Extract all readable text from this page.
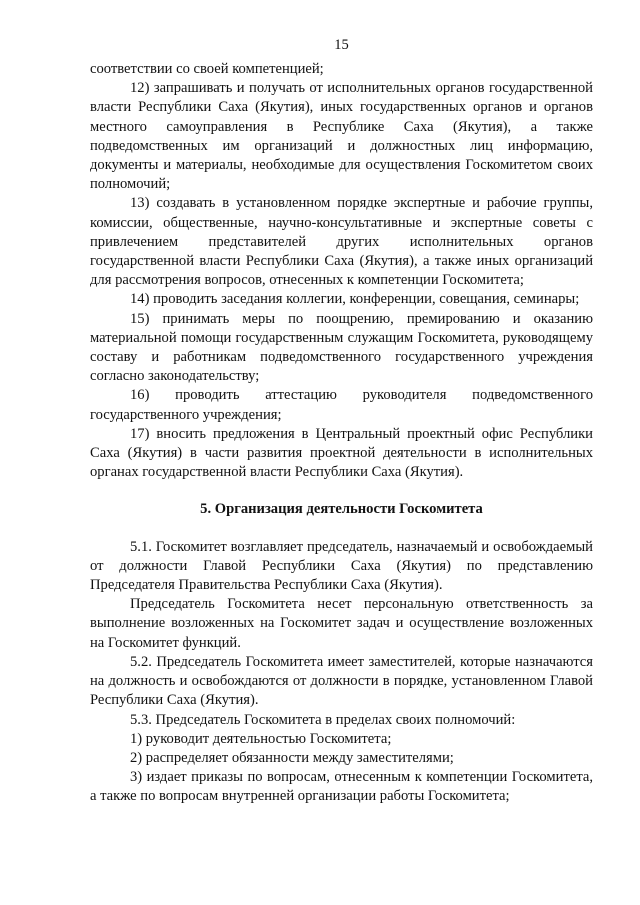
15

соответствии со своей компетенцией;

12) запрашивать и получать от исполнительных органов государственной власти Республики Саха (Якутия), иных государственных органов и органов местного самоуправления в Республике Саха (Якутия), а также подведомственных им организаций и должностных лиц информацию, документы и материалы, необходимые для осуществления Госкомитетом своих полномочий;

13) создавать в установленном порядке экспертные и рабочие группы, комиссии, общественные, научно-консультативные и экспертные советы с привлечением представителей других исполнительных органов государственной власти Республики Саха (Якутия), а также иных организаций для рассмотрения вопросов, отнесенных к компетенции Госкомитета;

14) проводить заседания коллегии, конференции, совещания, семинары;

15) принимать меры по поощрению, премированию и оказанию материальной помощи государственным служащим Госкомитета, руководящему составу и работникам подведомственного государственного учреждения согласно законодательству;

16) проводить аттестацию руководителя подведомственного государственного учреждения;

17) вносить предложения в Центральный проектный офис Республики Саха (Якутия) в части развития проектной деятельности в исполнительных органах государственной власти Республики Саха (Якутия).

5. Организация деятельности Госкомитета

5.1. Госкомитет возглавляет председатель, назначаемый и освобождаемый от должности Главой Республики Саха (Якутия) по представлению Председателя Правительства Республики Саха (Якутия).

Председатель Госкомитета несет персональную ответственность за выполнение возложенных на Госкомитет задач и осуществление возложенных на Госкомитет функций.

5.2. Председатель Госкомитета имеет заместителей, которые назначаются на должность и освобождаются от должности в порядке, установленном Главой Республики Саха (Якутия).

5.3. Председатель Госкомитета в пределах своих полномочий:

1) руководит деятельностью Госкомитета;

2) распределяет обязанности между заместителями;

3) издает приказы по вопросам, отнесенным к компетенции Госкомитета, а также по вопросам внутренней организации работы Госкомитета;
